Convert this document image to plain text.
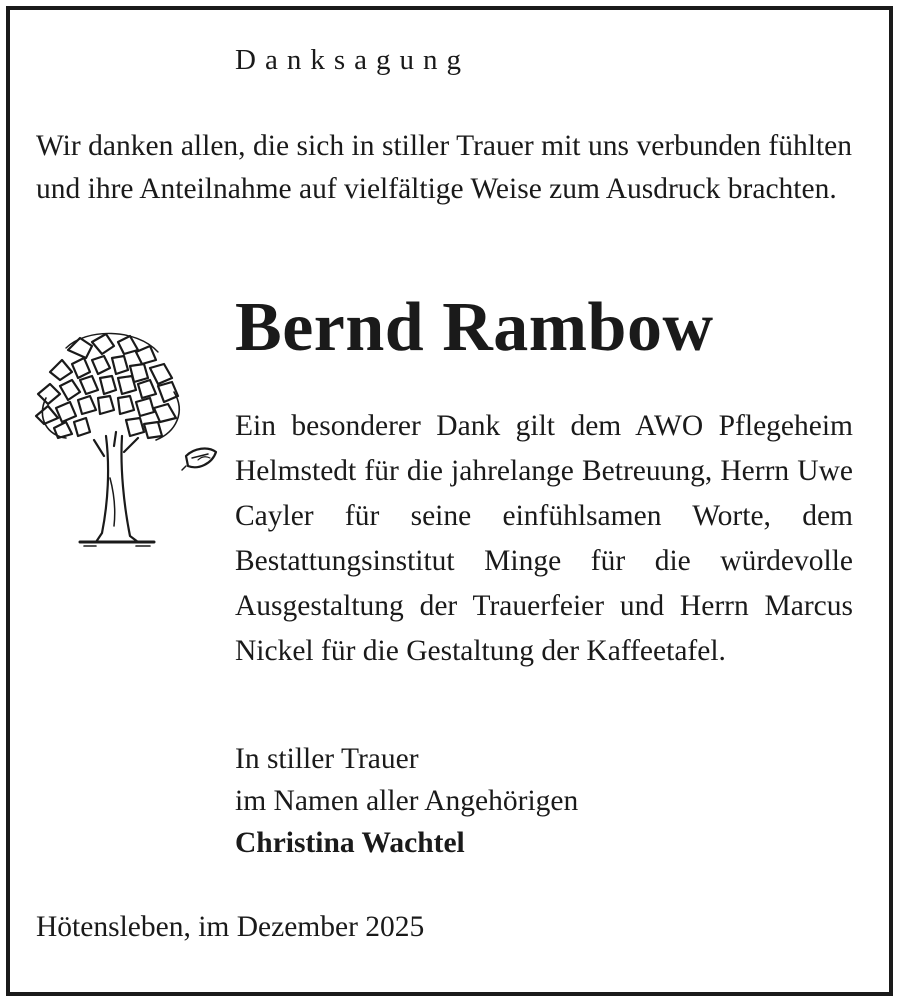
Danksagung
Wir danken allen, die sich in stiller Trauer mit uns verbunden fühlten und ihre Anteilnahme auf vielfältige Weise zum Ausdruck brachten.
Bernd Rambow
Ein besonderer Dank gilt dem AWO Pflegeheim Helmstedt für die jahrelange Betreuung, Herrn Uwe Cayler für seine einfühlsamen Worte, dem Bestattungsinstitut Minge für die würdevolle Ausgestaltung der Trauerfeier und Herrn Marcus Nickel für die Gestaltung der Kaffeetafel.
In stiller Trauer
im Namen aller Angehörigen
Christina Wachtel
Hötensleben, im Dezember 2025
